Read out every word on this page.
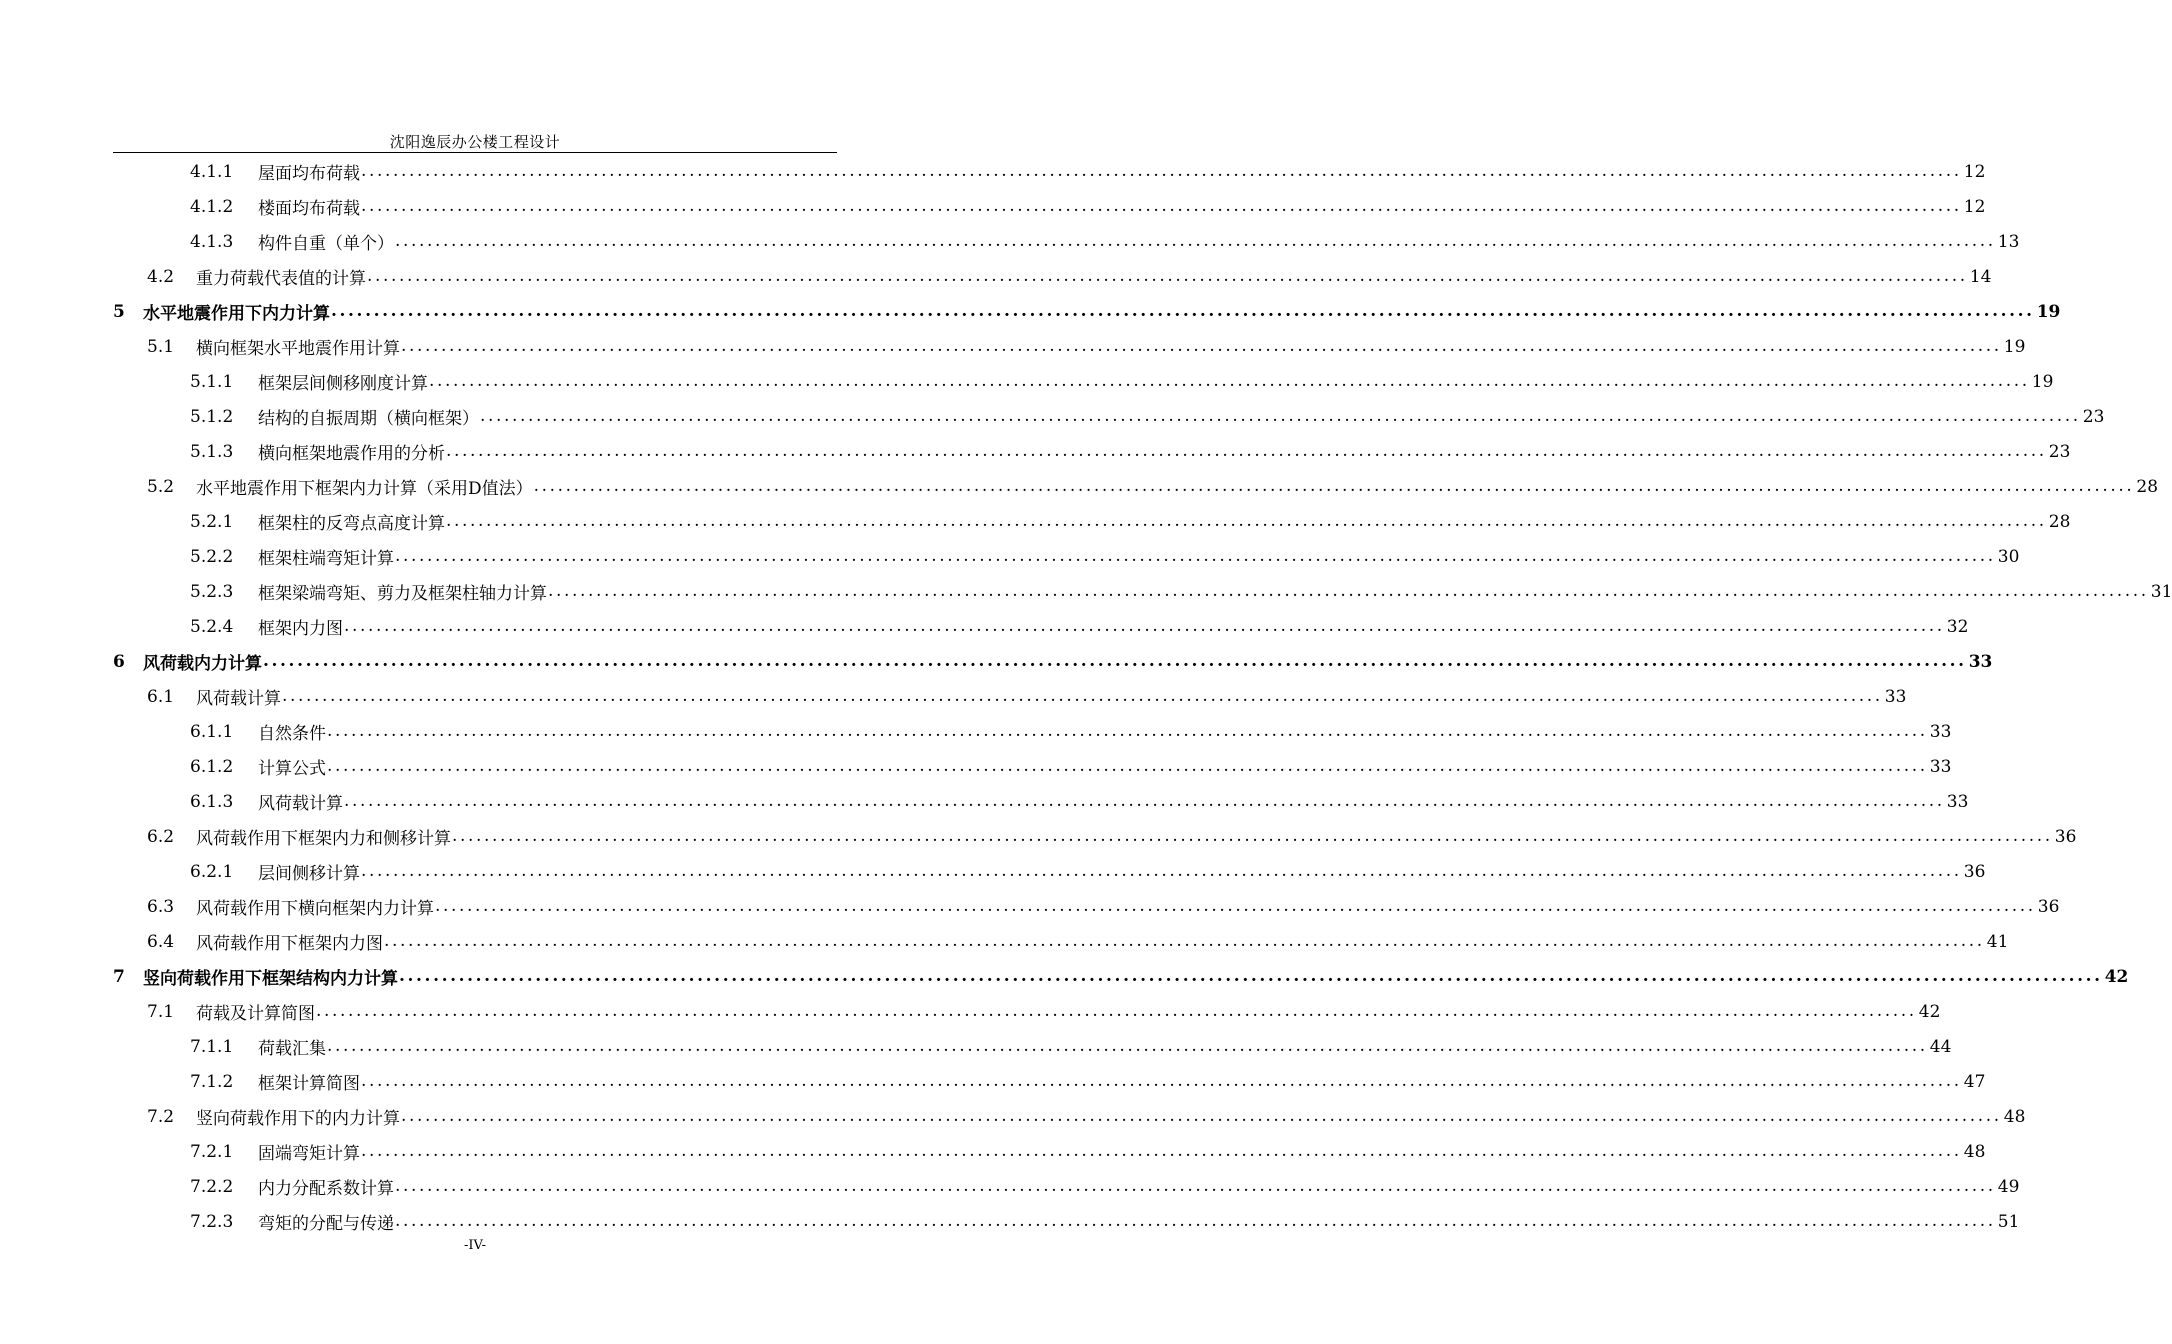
沈阳逸辰办公楼工程设计
4.1.1	屋面均布荷载 ........................................................................................................................................................................................................ 12
4.1.2	楼面均布荷载 ........................................................................................................................................................................................................ 12
4.1.3	构件自重（单个） ........................................................................................................................................................................................................ 13
4.2	重力荷载代表值的计算 ........................................................................................................................................................................................................ 14
5	水平地震作用下内力计算 ........................................................................................................................................................................................................ 19
5.1	横向框架水平地震作用计算 ........................................................................................................................................................................................................ 19
5.1.1	框架层间侧移刚度计算 ........................................................................................................................................................................................................ 19
5.1.2	结构的自振周期（横向框架） ........................................................................................................................................................................................................ 23
5.1.3	横向框架地震作用的分析 ........................................................................................................................................................................................................ 23
5.2	水平地震作用下框架内力计算（采用D值法） ........................................................................................................................................................................................................ 28
5.2.1	框架柱的反弯点高度计算 ........................................................................................................................................................................................................ 28
5.2.2	框架柱端弯矩计算 ........................................................................................................................................................................................................ 30
5.2.3	框架梁端弯矩、剪力及框架柱轴力计算 ........................................................................................................................................................................................................ 31
5.2.4	框架内力图 ........................................................................................................................................................................................................ 32
6	风荷载内力计算 ........................................................................................................................................................................................................ 33
6.1	风荷载计算 ........................................................................................................................................................................................................ 33
6.1.1	自然条件 ........................................................................................................................................................................................................ 33
6.1.2	计算公式 ........................................................................................................................................................................................................ 33
6.1.3	风荷载计算 ........................................................................................................................................................................................................ 33
6.2	风荷载作用下框架内力和侧移计算 ........................................................................................................................................................................................................ 36
6.2.1	层间侧移计算 ........................................................................................................................................................................................................ 36
6.3	风荷载作用下横向框架内力计算 ........................................................................................................................................................................................................ 36
6.4	风荷载作用下框架内力图 ........................................................................................................................................................................................................ 41
7	竖向荷载作用下框架结构内力计算 ........................................................................................................................................................................................................ 42
7.1	荷载及计算简图 ........................................................................................................................................................................................................ 42
7.1.1	荷载汇集 ........................................................................................................................................................................................................ 44
7.1.2	框架计算简图 ........................................................................................................................................................................................................ 47
7.2	竖向荷载作用下的内力计算 ........................................................................................................................................................................................................ 48
7.2.1	固端弯矩计算 ........................................................................................................................................................................................................ 48
7.2.2	内力分配系数计算 ........................................................................................................................................................................................................ 49
7.2.3	弯矩的分配与传递 ........................................................................................................................................................................................................ 51
-IV-
